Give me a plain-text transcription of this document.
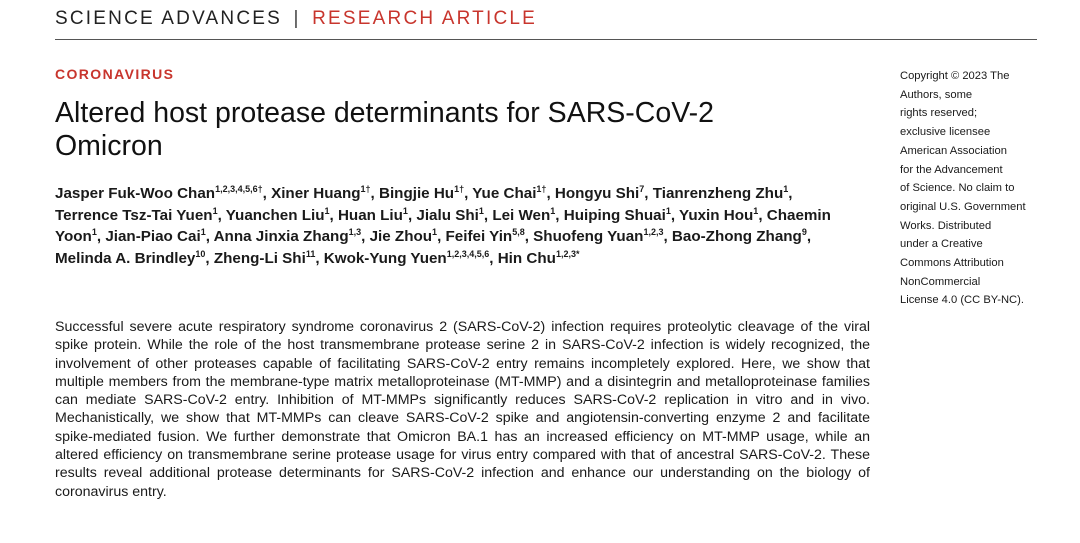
SCIENCE ADVANCES | RESEARCH ARTICLE
CORONAVIRUS
Altered host protease determinants for SARS-CoV-2 Omicron
Jasper Fuk-Woo Chan$^{1,2,3,4,5,6\dagger}$, Xiner Huang$^{1\dagger}$, Bingjie $Hu^{1\dagger}$, Yue Chai$^{1\dagger}$, Hongyu Shi$^7$, Tianrenzheng Zhu$^1$, Terrence Tsz-Tai Yuen$^1$, Yuanchen Liu$^1$, Huan Liu$^1$, Jialu Shi$^1$, Lei Wen$^1$, Huiping Shuai$^1$, Yuxin Hou$^1$, Chaemin Yoon$^1$, Jian-Piao Cai$^1$, Anna Jinxia Zhang$^{1,3}$, Jie Zhou$^1$, Feifei Yin$^{5,8}$, Shuofeng Yuan$^{1,2,3}$, Bao-Zhong Zhang$^9$, Melinda A. Brindley$^{10}$, Zheng-Li Shi$^{11}$, Kwok-Yung Yuen$^{1,2,3,4,5,6}$, Hin Chu$^{1,2,3*}$

Successful severe acute respiratory syndrome coronavirus 2 (SARS-CoV-2) infection requires proteolytic cleavage of the viral spike protein. While the role of the host transmembrane protease serine 2 in SARS-CoV-2 infection is widely recognized, the involvement of other proteases capable of facilitating SARS-CoV-2 entry remains incompletely explored. Here, we show that multiple members from the membrane-type matrix metalloproteinase (MT-MMP) and a disintegrin and metalloproteinase families can mediate SARS-CoV-2 entry. Inhibition of MT-MMPs significantly reduces SARS-CoV-2 replication in vitro and in vivo. Mechanistically, we show that MT-MMPs can cleave SARS-CoV-2 spike and angiotensin-converting enzyme 2 and facilitate spike-mediated fusion. We further demonstrate that Omicron BA.1 has an increased efficiency on MT-MMP usage, while an altered efficiency on transmembrane serine protease usage for virus entry compared with that of ancestral SARS-CoV-2. These results reveal additional protease determinants for SARS-CoV-2 infection and enhance our understanding on the biology of coronavirus entry.

Copyright © 2023 The
Authors, some
rights reserved;
exclusive licensee
American Association
for the Advancement
of Science. No claim to
original U.S. Government
Works. Distributed
under a Creative
Commons Attribution
NonCommercial
License 4.0 (CC BY-NC).
